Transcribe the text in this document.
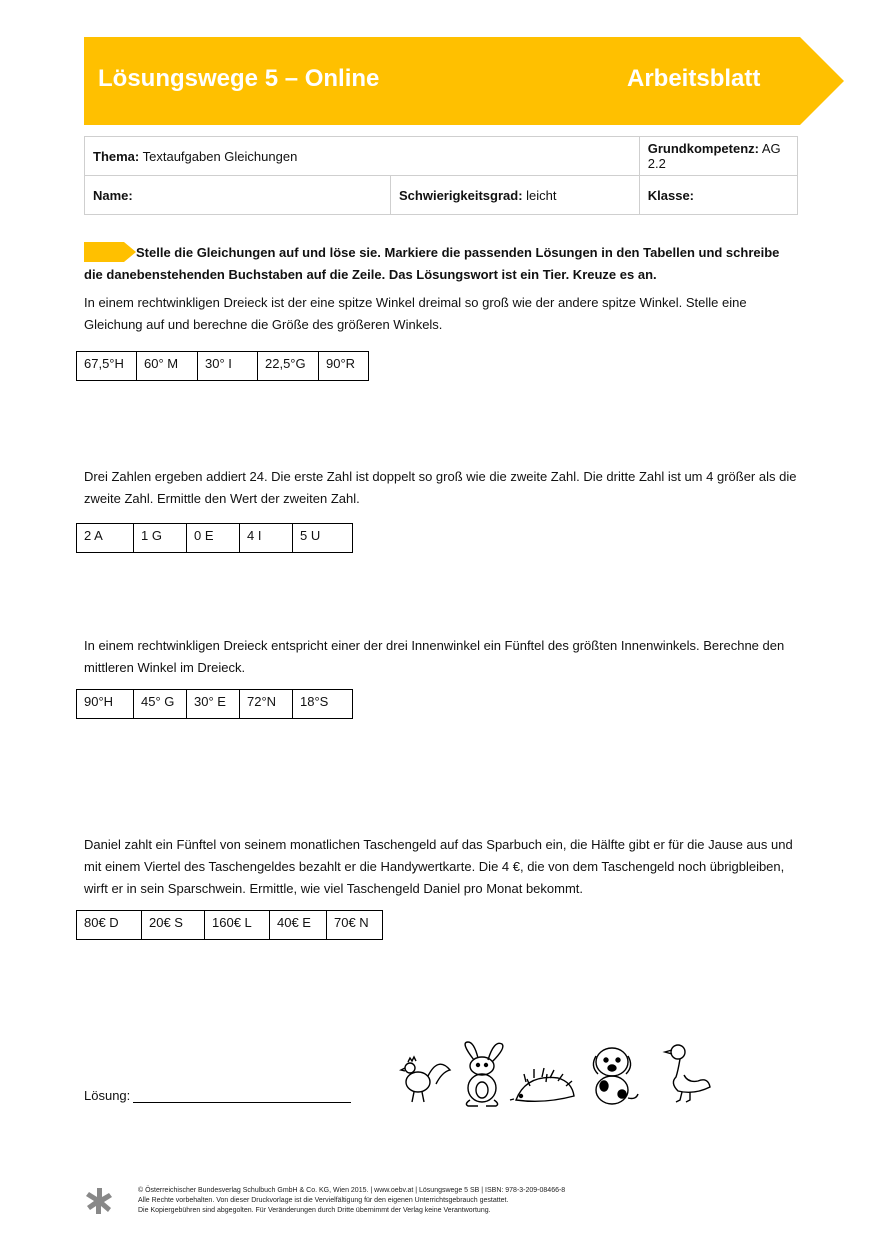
Lösungswege 5 – Online	Arbeitsblatt
Thema: Textaufgaben Gleichungen		Grundkompetenz: AG 2.2
Name:	Schwierigkeitsgrad: leicht	Klasse:
Stelle die Gleichungen auf und löse sie. Markiere die passenden Lösungen in den Tabellen und schreibe die danebenstehenden Buchstaben auf die Zeile. Das Lösungswort ist ein Tier. Kreuze es an.
In einem rechtwinkligen Dreieck ist der eine spitze Winkel dreimal so groß wie der andere spitze Winkel. Stelle eine Gleichung auf und berechne die Größe des größeren Winkels.
67,5°H	60° M	30° I	22,5°G	90°R
Drei Zahlen ergeben addiert 24. Die erste Zahl ist doppelt so groß wie die zweite Zahl. Die dritte Zahl ist um 4 größer als die zweite Zahl. Ermittle den Wert der zweiten Zahl.
2 A	1 G	0 E	4 I	5 U
In einem rechtwinkligen Dreieck entspricht einer der drei Innenwinkel ein Fünftel des größten Innenwinkels. Berechne den mittleren Winkel im Dreieck.
90°H	45° G	30° E	72°N	18°S
Daniel zahlt ein Fünftel von seinem monatlichen Taschengeld auf das Sparbuch ein, die Hälfte gibt er für die Jause aus und mit einem Viertel des Taschengeldes bezahlt er die Handywertkarte. Die 4 €, die von dem Taschengeld noch übrigbleiben, wirft er in sein Sparschwein. Ermittle, wie viel Taschengeld Daniel pro Monat bekommt.
80€ D	20€ S	160€ L	40€ E	70€ N
Lösung:
© Österreichischer Bundesverlag Schulbuch GmbH & Co. KG, Wien 2015. | www.oebv.at | Lösungswege 5 SB | ISBN: 978-3-209-08466-8
Alle Rechte vorbehalten. Von dieser Druckvorlage ist die Vervielfältigung für den eigenen Unterrichtsgebrauch gestattet.
Die Kopiergebühren sind abgegolten. Für Veränderungen durch Dritte übernimmt der Verlag keine Verantwortung.
